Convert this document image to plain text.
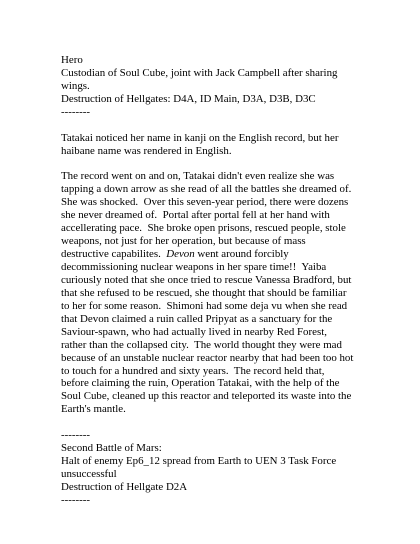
Hero
Custodian of Soul Cube, joint with Jack Campbell after sharing
wings.
Destruction of Hellgates: D4A, ID Main, D3A, D3B, D3C
--------
Tatakai noticed her name in kanji on the English record, but her
haibane name was rendered in English.
The record went on and on, Tatakai didn't even realize she was
tapping a down arrow as she read of all the battles she dreamed of.
She was shocked.  Over this seven-year period, there were dozens
she never dreamed of.  Portal after portal fell at her hand with
accellerating pace.  She broke open prisons, rescued people, stole
weapons, not just for her operation, but because of mass
destructive capabilites.  Devon went around forcibly
decommissioning nuclear weapons in her spare time!!  Yaiba
curiously noted that she once tried to rescue Vanessa Bradford, but
that she refused to be rescued, she thought that should be familiar
to her for some reason.  Shimoni had some deja vu when she read
that Devon claimed a ruin called Pripyat as a sanctuary for the
Saviour-spawn, who had actually lived in nearby Red Forest,
rather than the collapsed city.  The world thought they were mad
because of an unstable nuclear reactor nearby that had been too hot
to touch for a hundred and sixty years.  The record held that,
before claiming the ruin, Operation Tatakai, with the help of the
Soul Cube, cleaned up this reactor and teleported its waste into the
Earth's mantle.
--------
Second Battle of Mars:
Halt of enemy Ep6_12 spread from Earth to UEN 3 Task Force
unsuccessful
Destruction of Hellgate D2A
--------
